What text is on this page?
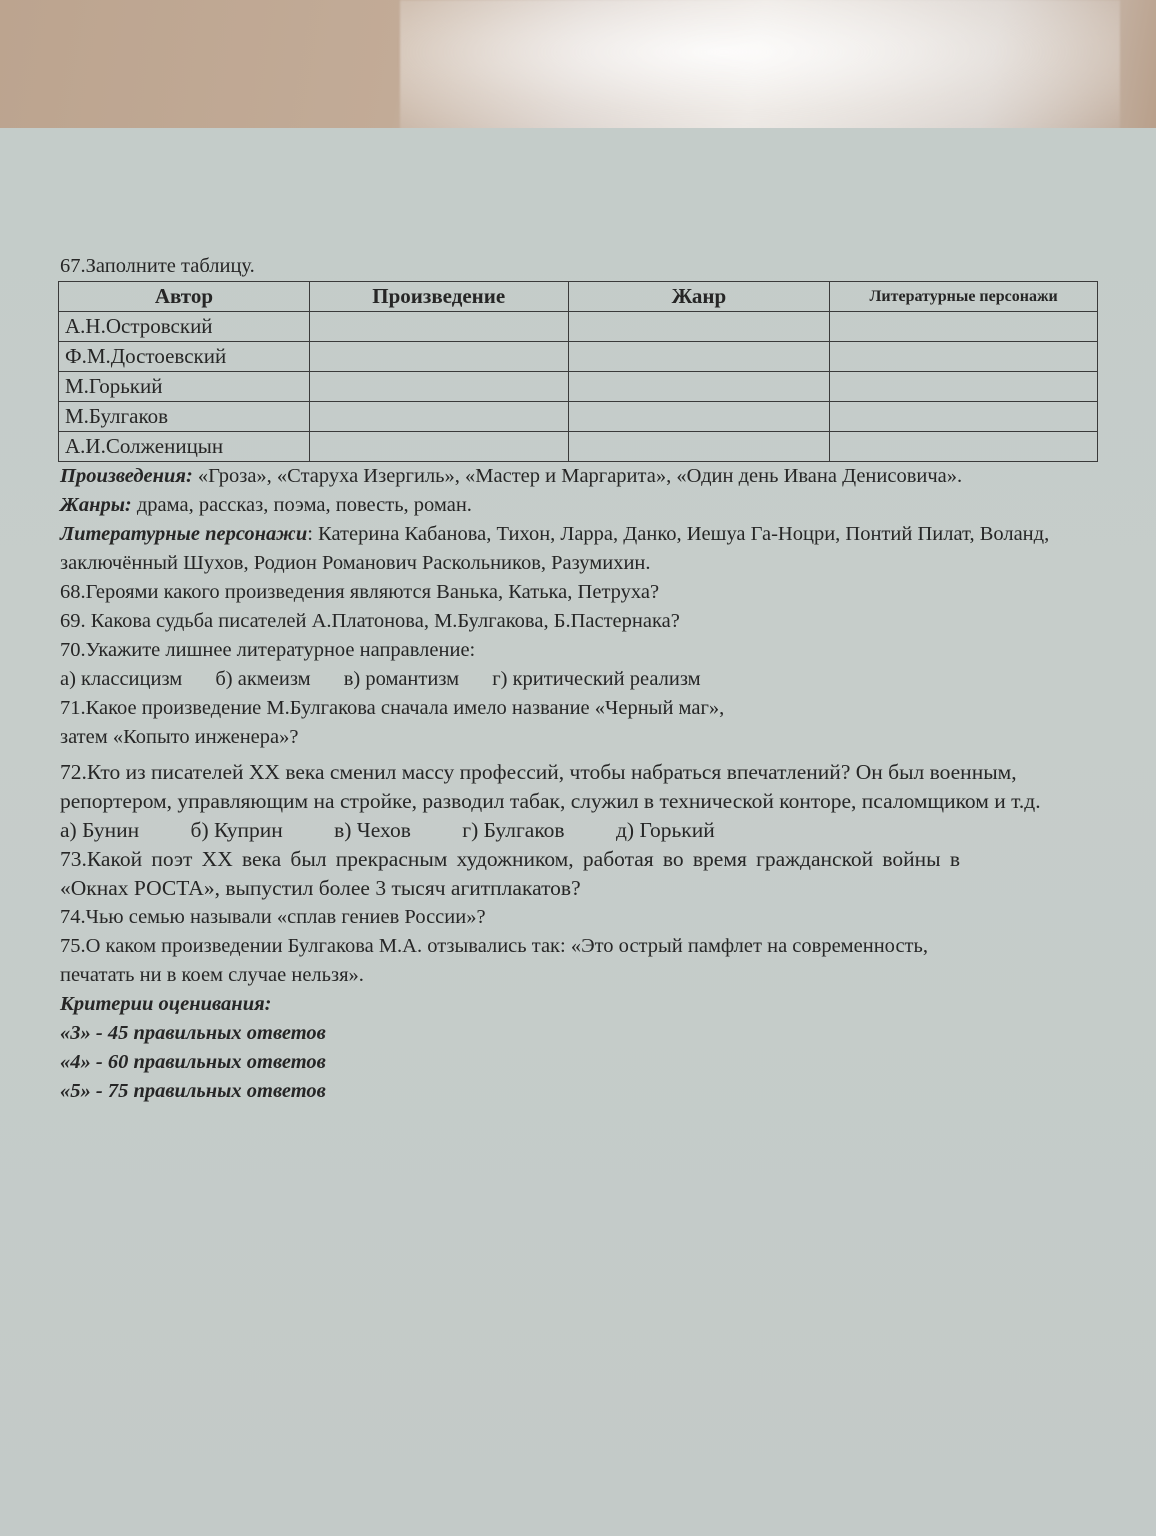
67.Заполните таблицу.

Автор	Произведение	Жанр	Литературные персонажи
А.Н.Островский			
Ф.М.Достоевский			
М.Горький			
М.Булгаков			
А.И.Солженицын			

Произведения: «Гроза», «Старуха Изергиль», «Мастер и Маргарита», «Один день Ивана Денисовича».

Жанры: драма, рассказ, поэма, повесть, роман.

Литературные персонажи: Катерина Кабанова, Тихон, Ларра, Данко, Иешуа Га-Ноцри, Понтий Пилат, Воланд, заключённый Шухов, Родион Романович Раскольников, Разумихин.

68.Героями какого произведения являются Ванька, Катька, Петруха?

69. Какова судьба писателей А.Платонова, М.Булгакова, Б.Пастернака?

70.Укажите лишнее литературное направление:

а) классицизм б) акмеизм в) романтизм г) критический реализм

71.Какое произведение М.Булгакова сначала имело название «Черный маг», затем «Копыто инженера»?

72.Кто из писателей XX века сменил массу профессий, чтобы набраться впечатлений? Он был военным, репортером, управляющим на стройке, разводил табак, служил в технической конторе, псаломщиком и т.д.

а) Бунин б) Куприн в) Чехов г) Булгаков д) Горький

73.Какой поэт XX века был прекрасным художником, работая во время гражданской войны в «Окнах РОСТА», выпустил более 3 тысяч агитплакатов?

74.Чью семью называли «сплав гениев России»?

75.О каком произведении Булгакова М.А. отзывались так: «Это острый памфлет на современность, печатать ни в коем случае нельзя».

Критерии оценивания:

«3» - 45 правильных ответов

«4» - 60 правильных ответов

«5» - 75 правильных ответов
